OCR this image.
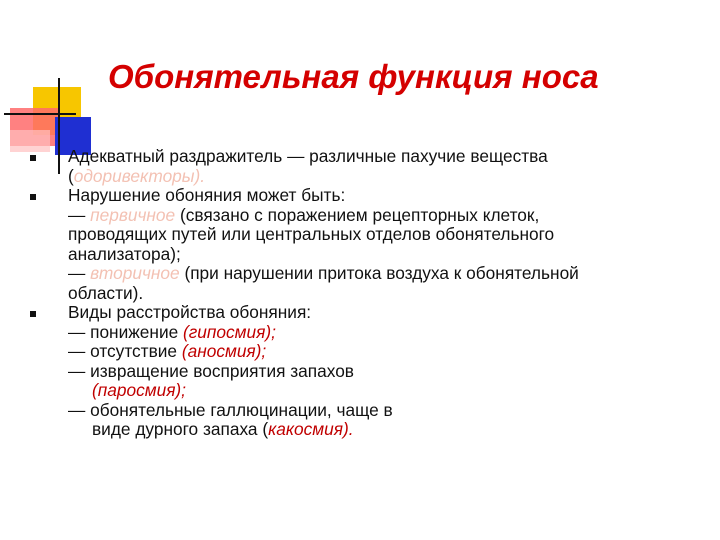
Обонятельная функция носа
Адекватный раздражитель — различные пахучие вещества
(одоривекторы).
Нарушение обоняния может быть:
— первичное (связано с поражением рецепторных клеток,
проводящих путей или центральных отделов обонятельного
анализатора);
— вторичное (при нарушении притока воздуха к обонятельной
области).
Виды расстройства обоняния:
— понижение (гипосмия);
— отсутствие (аносмия);
— извращение восприятия запахов
(паросмия);
— обонятельные галлюцинации, чаще в
виде дурного запаха (какосмия).
